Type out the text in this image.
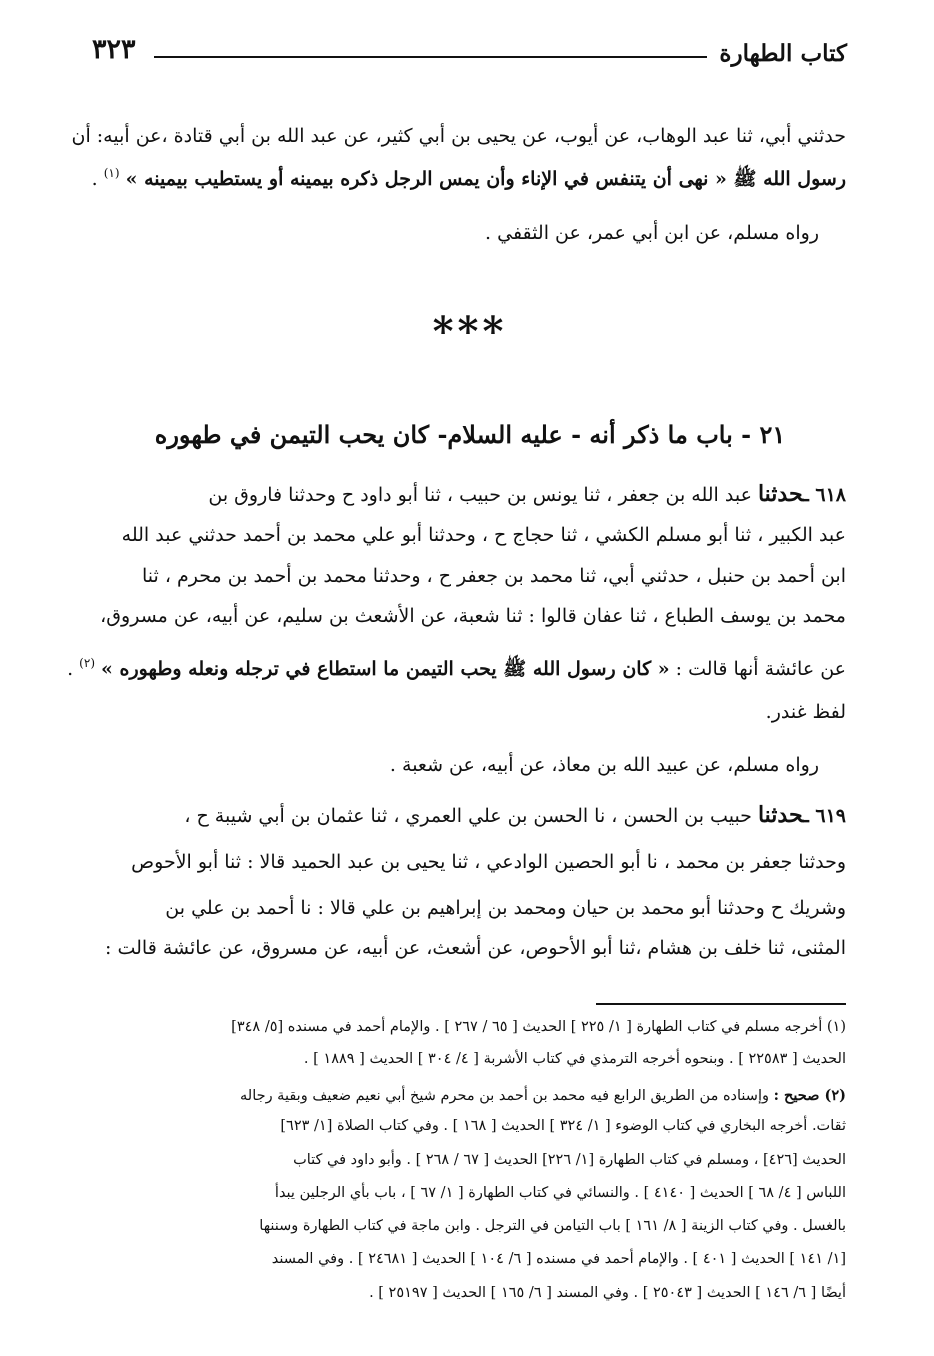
كتاب الطهارة
٣٢٣
حدثني أبي، ثنا عبد الوهاب، عن أيوب، عن يحيى بن أبي كثير، عن عبد الله بن أبي قتادة ،عن أبيه: أن
رسول الله ﷺ « نهى أن يتنفس في الإناء وأن يمس الرجل ذكره بيمينه أو يستطيب بيمينه » $^{(١)}$ .
رواه مسلم، عن ابن أبي عمر، عن الثقفي .
***
٢١ - باب ما ذكر أنه - عليه السلام- كان يحب التيمن في طهوره
٦١٨ ـحدثنا عبد الله بن جعفر ، ثنا يونس بن حبيب ، ثنا أبو داود ح وحدثنا فاروق بن
عبد الكبير ، ثنا أبو مسلم الكشي ، ثنا حجاج ح ، وحدثنا أبو علي محمد بن أحمد حدثني عبد الله
ابن أحمد بن حنبل ، حدثني أبي، ثنا محمد بن جعفر ح ، وحدثنا محمد بن أحمد بن محرم ، ثنا
محمد بن يوسف الطباع ، ثنا عفان قالوا : ثنا شعبة، عن الأشعث بن سليم، عن أبيه، عن مسروق،
عن عائشة أنها قالت : « كان رسول الله ﷺ يحب التيمن ما استطاع في ترجله ونعله وطهوره » $^{(٢)}$ .
لفظ غندر.
رواه مسلم، عن عبيد الله بن معاذ، عن أبيه، عن شعبة .
٦١٩ ـحدثنا حبيب بن الحسن ، نا الحسن بن علي العمري ، ثنا عثمان بن أبي شيبة ح ،
وحدثنا جعفر بن محمد ، نا أبو الحصين الوادعي ، ثنا يحيى بن عبد الحميد قالا : ثنا أبو الأحوص
وشريك ح وحدثنا أبو محمد بن حيان ومحمد بن إبراهيم بن علي قالا : نا أحمد بن علي بن
المثنى، ثنا خلف بن هشام ،ثنا أبو الأحوص، عن أشعث، عن أبيه، عن مسروق، عن عائشة قالت :
(١) أخرجه مسلم في كتاب الطهارة [ ١/ ٢٢٥ ] الحديث [ ٦٥ / ٢٦٧ ] . والإمام أحمد في مسنده [٥/ ٣٤٨]
الحديث [ ٢٢٥٨٣ ] . وبنحوه أخرجه الترمذي في كتاب الأشربة [ ٤/ ٣٠٤ ] الحديث [ ١٨٨٩ ] .
(٢) صحيح : وإسناده من الطريق الرابع فيه محمد بن أحمد بن محرم شيخ أبي نعيم ضعيف وبقية رجاله
ثقات. أخرجه البخاري في كتاب الوضوء [ ١/ ٣٢٤ ] الحديث [ ١٦٨ ] . وفي كتاب الصلاة [١/ ٦٢٣]
الحديث [٤٢٦] ، ومسلم في كتاب الطهارة [١/ ٢٢٦] الحديث [ ٦٧ / ٢٦٨ ] . وأبو داود في كتاب
اللباس [ ٤/ ٦٨ ] الحديث [ ٤١٤٠ ] . والنسائي في كتاب الطهارة [ ١/ ٦٧ ] ، باب بأي الرجلين يبدأ
بالغسل . وفي كتاب الزينة [ ٨/ ١٦١ ] باب التيامن في الترجل . وابن ماجة في كتاب الطهارة وسننها
[١/ ١٤١ ] الحديث [ ٤٠١ ] . والإمام أحمد في مسنده [ ٦/ ١٠٤ ] الحديث [ ٢٤٦٨١ ] . وفي المسند
أيضًا [ ٦/ ١٤٦ ] الحديث [ ٢٥٠٤٣ ] . وفي المسند [ ٦/ ١٦٥ ] الحديث [ ٢٥١٩٧ ] .
